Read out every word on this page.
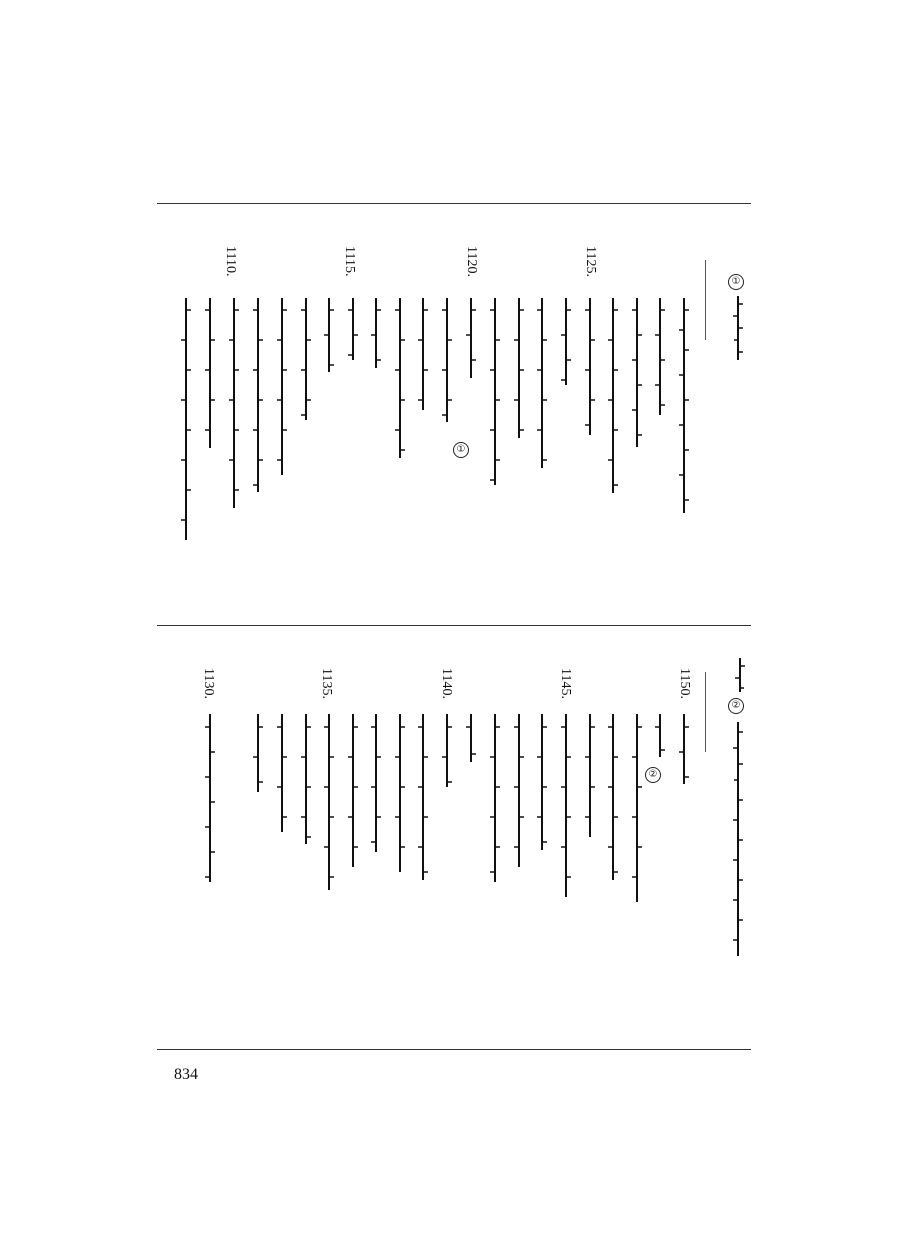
①
①
1125.
1120.
1115.
1110.
②
②
1150.
1145.
1140.
1135.
1130.
834
